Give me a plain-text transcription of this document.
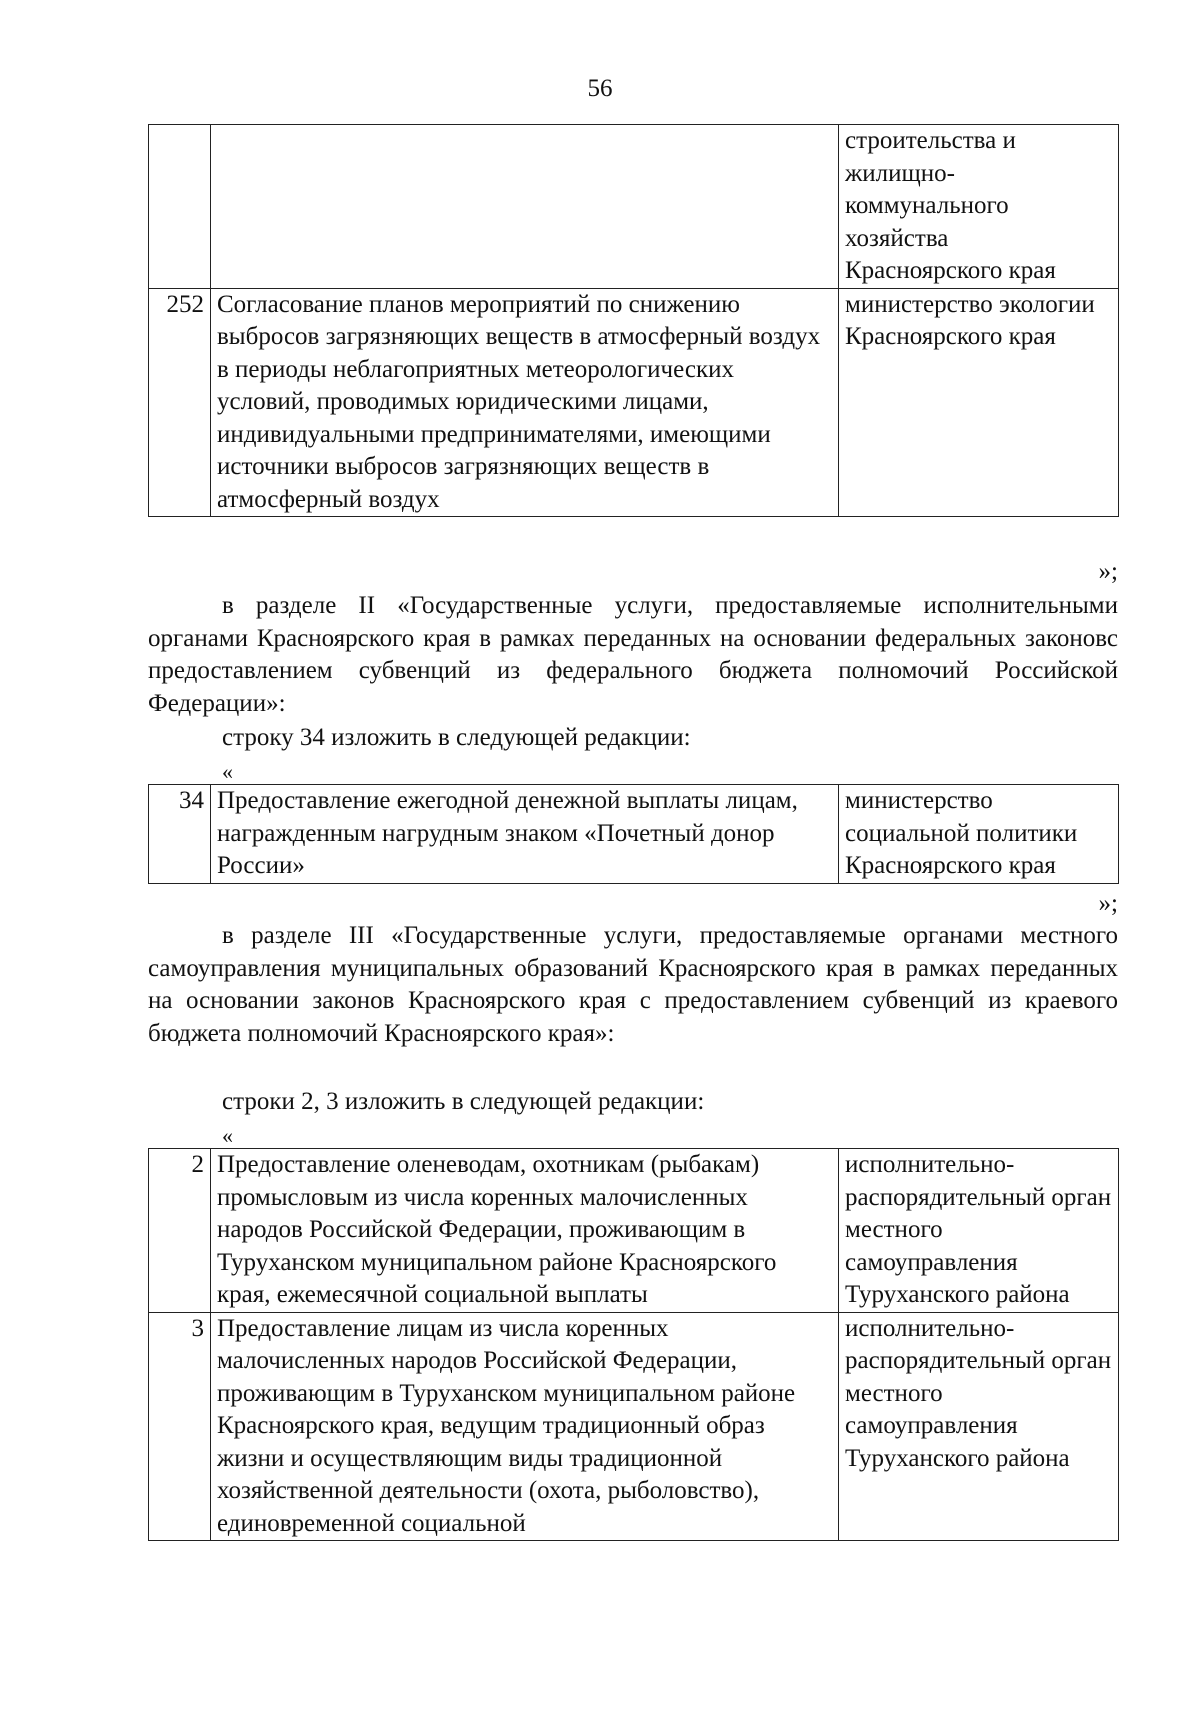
56
		строительства и жилищно-коммунального хозяйства Красноярского края
252	Согласование планов мероприятий по снижению выбросов загрязняющих веществ в атмосферный воздух в периоды неблагоприятных метеорологических условий, проводимых юридическими лицами, индивидуальными предпринимателями, имеющими источники выбросов загрязняющих веществ в атмосферный воздух	министерство экологии Красноярского края
»;
в разделе II «Государственные услуги, предоставляемые исполнительными органами Красноярского края в рамках переданных на основании федеральных законовс предоставлением субвенций из федерального бюджета полномочий Российской Федерации»:
строку 34 изложить в следующей редакции:
«
34	Предоставление ежегодной денежной выплаты лицам, награжденным нагрудным знаком «Почетный донор России»	министерство социальной политики Красноярского края
»;
в разделе III «Государственные услуги, предоставляемые органами местного самоуправления муниципальных образований Красноярского края в рамках переданных на основании законов Красноярского края с предоставлением субвенций из краевого бюджета полномочий Красноярского края»:
строки 2, 3 изложить в следующей редакции:
«
2	Предоставление оленеводам, охотникам (рыбакам) промысловым из числа коренных малочисленных народов Российской Федерации, проживающим в Туруханском муниципальном районе Красноярского края, ежемесячной социальной выплаты	исполнительно-распорядительный орган местного самоуправления Туруханского района
3	Предоставление лицам из числа коренных малочисленных народов Российской Федерации, проживающим в Туруханском муниципальном районе Красноярского края, ведущим традиционный образ жизни и осуществляющим виды традиционной хозяйственной деятельности (охота, рыболовство), единовременной социальной	исполнительно-распорядительный орган местного самоуправления Туруханского района
